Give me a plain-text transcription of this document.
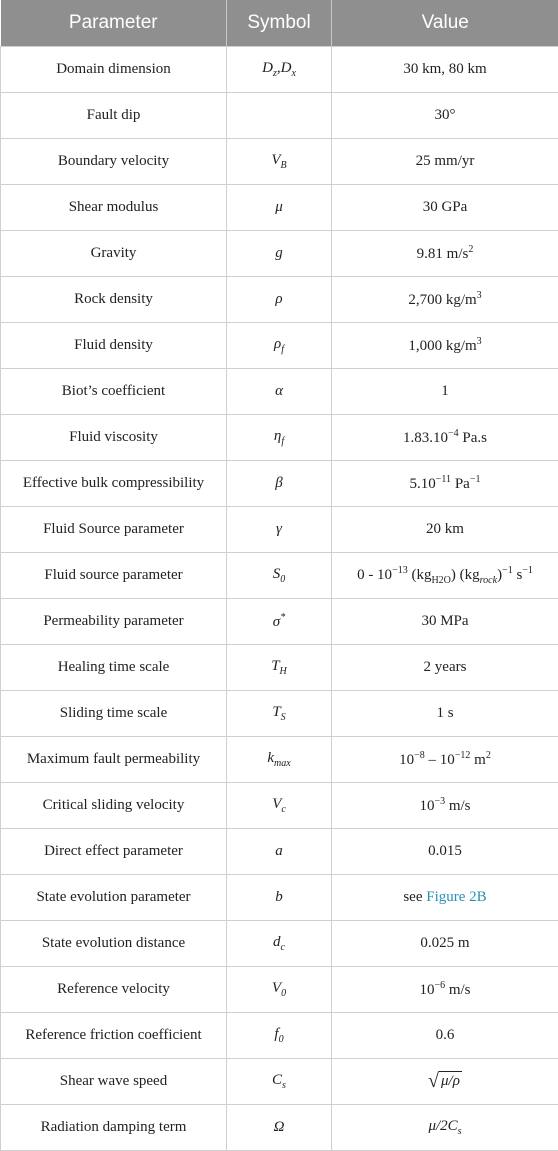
Parameter	Symbol	Value
Domain dimension	$D_z,D_x$	30 km, 80 km
Fault dip		30°
Boundary velocity	$V_B$	25 mm/yr
Shear modulus	μ	30 GPa
Gravity	g	9.81 $m/s^2$
Rock density	ρ	2,700 $kg/m^3$
Fluid density	$\rho_f$	1,000 $kg/m^3$
Biot’s coefficient	α	1
Fluid viscosity	$\eta_f$	$1.83.10^{-4}$ Pa.s
Effective bulk compressibility	β	$5.10^{-11}$ $Pa^{-1}$
Fluid Source parameter	γ	20 km
Fluid source parameter	$S_0$	$0 - 10^{-13}$ $(kg_{H2O})$ $(kg_{rock})^{-1}$ $s^{-1}$
Permeability parameter	σ*	30 MPa
Healing time scale	$T_H$	2 years
Sliding time scale	$T_S$	1 s
Maximum fault permeability	$k_{max}$	$10^{-8} - 10^{-12}$ $m^2$
Critical sliding velocity	$V_c$	$10^{-3}$ m/s
Direct effect parameter	a	0.015
State evolution parameter	b	see Figure 2B
State evolution distance	$d_c$	0.025 m
Reference velocity	$V_0$	$10^{-6}$ m/s
Reference friction coefficient	$f_0$	0.6
Shear wave speed	$C_s$	√ μ/ρ

Radiation damping term	Ω	$\mu/2C_s$
